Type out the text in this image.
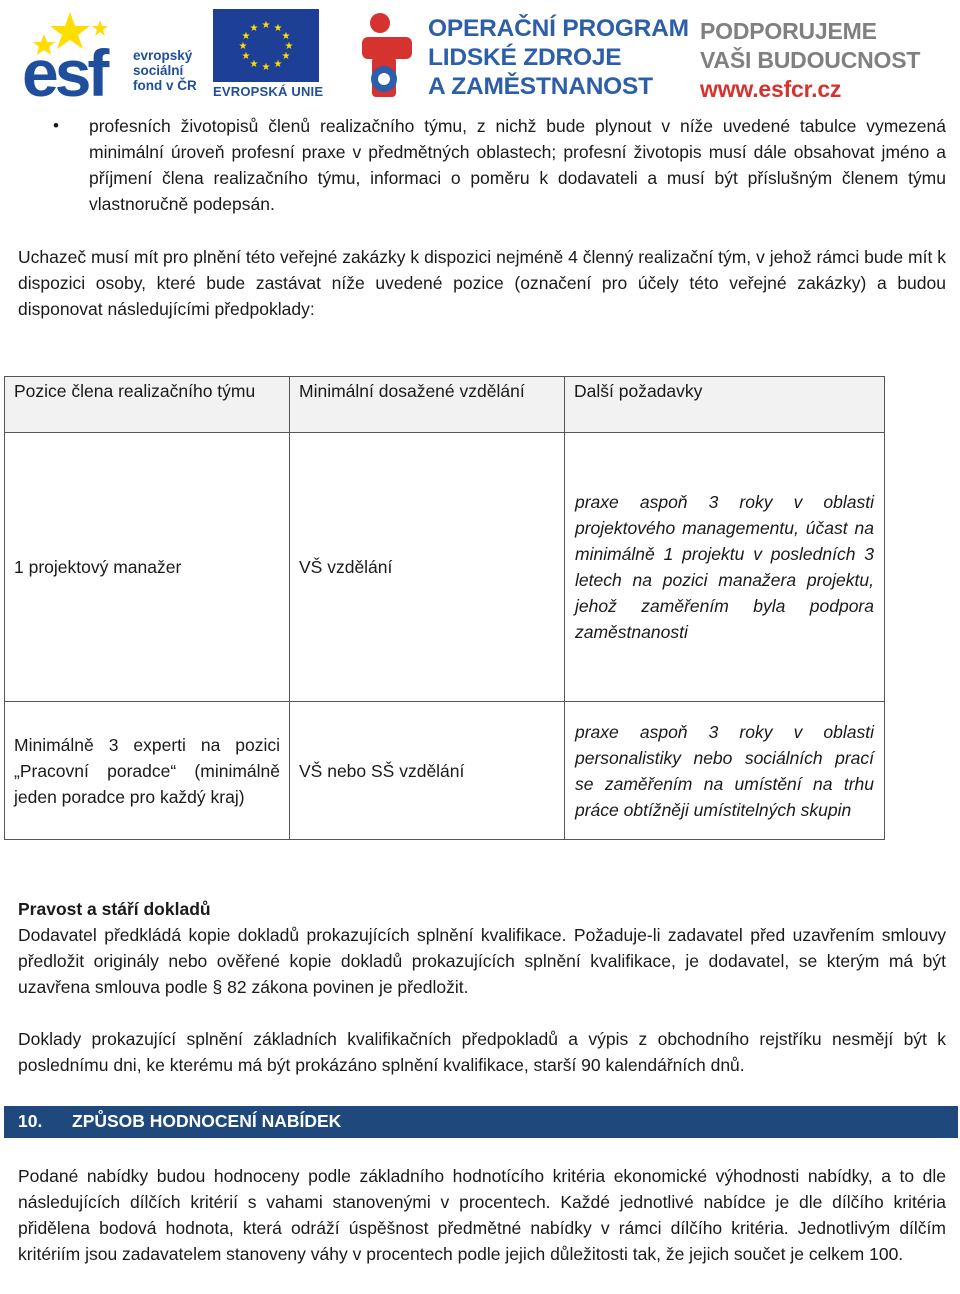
esf	evropský
sociální
fond v ČR
★ ★
★
★
★
★
★
★
★
★
★
★
EVROPSKÁ UNIE
OPERAČNÍ PROGRAM
LIDSKÉ ZDROJE
A ZAMĚSTNANOST
PODPORUJEME
VAŠI BUDOUCNOST
www.esfcr.cz
• profesních životopisů členů realizačního týmu, z nichž bude plynout v níže uvedené tabulce vymezená minimální úroveň profesní praxe v předmětných oblastech; profesní životopis musí dále obsahovat jméno a příjmení člena realizačního týmu, informaci o poměru k dodavateli a musí být příslušným členem týmu vlastnoručně podepsán.

Uchazeč musí mít pro plnění této veřejné zakázky k dispozici nejméně 4 členný realizační tým, v jehož rámci bude mít k dispozici osoby, které bude zastávat níže uvedené pozice (označení pro účely této veřejné zakázky) a budou disponovat následujícími předpoklady:

Pozice člena realizačního týmu	Minimální dosažené vzdělání	Další požadavky
1 projektový manažer	VŠ vzdělání	praxe aspoň 3 roky v oblasti projektového managementu, účast na minimálně 1 projektu v posledních 3 letech na pozici manažera projektu, jehož zaměřením byla podpora zaměstnanosti
Minimálně 3 experti na pozici „Pracovní poradce“ (minimálně jeden poradce pro každý kraj)	VŠ nebo SŠ vzdělání	praxe aspoň 3 roky v oblasti personalistiky nebo sociálních prací se zaměřením na umístění na trhu práce obtížněji umístitelných skupin
Pravost a stáří dokladů

Dodavatel předkládá kopie dokladů prokazujících splnění kvalifikace. Požaduje-li zadavatel před uzavřením smlouvy předložit originály nebo ověřené kopie dokladů prokazujících splnění kvalifikace, je dodavatel, se kterým má být uzavřena smlouva podle § 82 zákona povinen je předložit.

Doklady prokazující splnění základních kvalifikačních předpokladů a výpis z obchodního rejstříku nesmějí být k poslednímu dni, ke kterému má být prokázáno splnění kvalifikace, starší 90 kalendářních dnů.

10. ZPŮSOB HODNOCENÍ NABÍDEK

Podané nabídky budou hodnoceny podle základního hodnotícího kritéria ekonomické výhodnosti nabídky, a to dle následujících dílčích kritérií s vahami stanovenými v procentech. Každé jednotlivé nabídce je dle dílčího kritéria přidělena bodová hodnota, která odráží úspěšnost předmětné nabídky v rámci dílčího kritéria. Jednotlivým dílčím kritériím jsou zadavatelem stanoveny váhy v procentech podle jejich důležitosti tak, že jejich součet je celkem 100.
